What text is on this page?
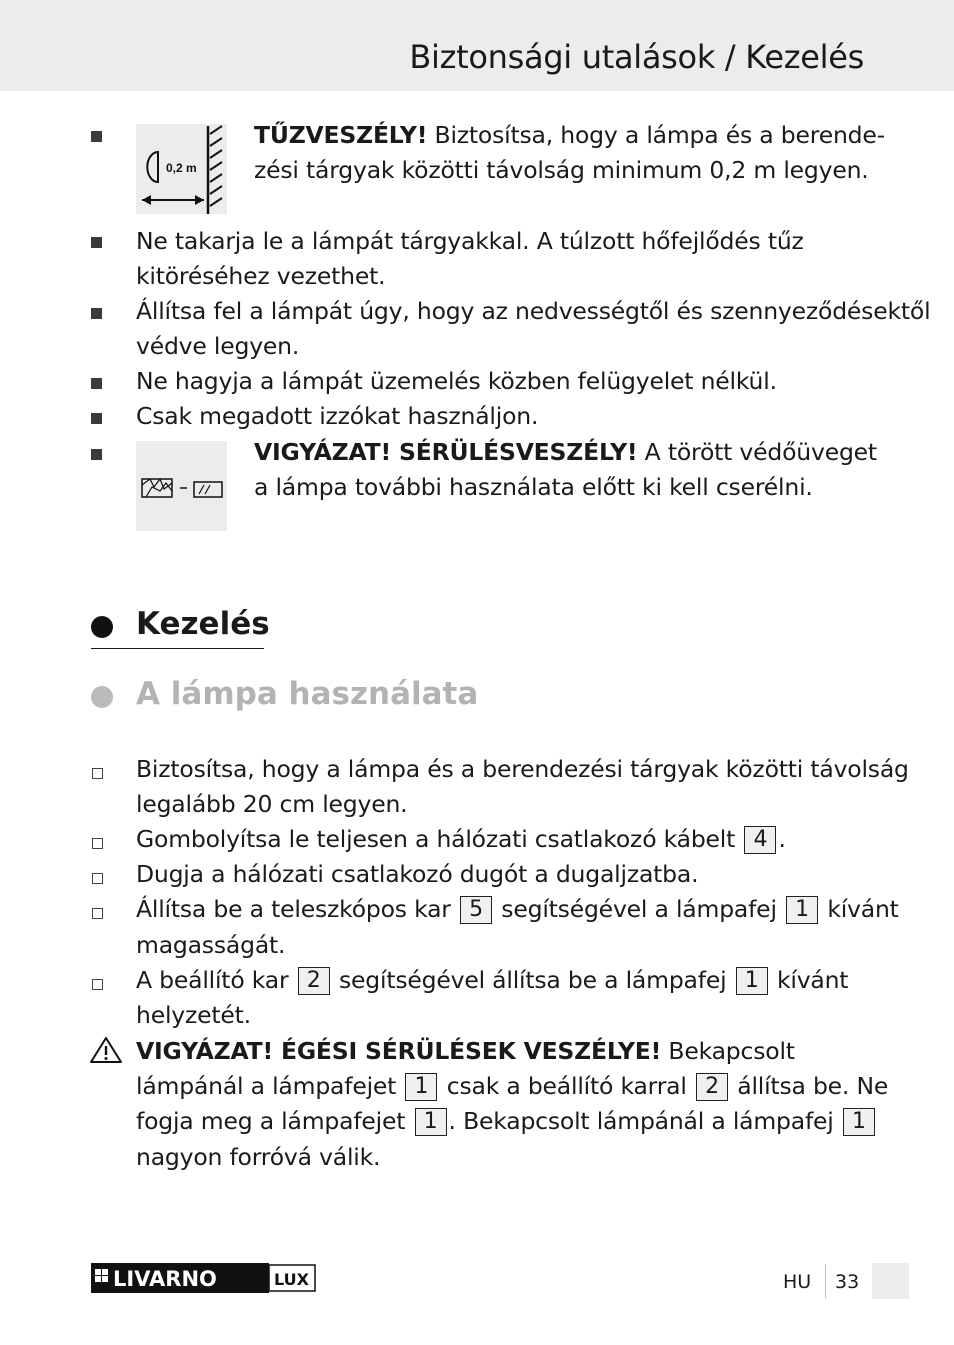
Biztonsági utalások / Kezelés
0,2 m
TŰZVESZÉLY! Biztosítsa, hogy a lámpa és a berende-
zési tárgyak közötti távolság minimum 0,2 m legyen.
Ne takarja le a lámpát tárgyakkal. A túlzott hőfejlődés tűz
kitöréséhez vezethet.
Állítsa fel a lámpát úgy, hogy az nedvességtől és szennyeződésektől
védve legyen.
Ne hagyja a lámpát üzemelés közben felügyelet nélkül.
Csak megadott izzókat használjon.
VIGYÁZAT! SÉRÜLÉSVESZÉLY! A törött védőüveget
a lámpa további használata előtt ki kell cserélni.
Kezelés
A lámpa használata
Biztosítsa, hogy a lámpa és a berendezési tárgyak közötti távolság
legalább 20 cm legyen.
Gombolyítsa le teljesen a hálózati csatlakozó kábelt 4 .
Dugja a hálózati csatlakozó dugót a dugaljzatba.
Állítsa be a teleszkópos kar 5 segítségével a lámpafej 1 kívánt
magasságát.
A beállító kar 2 segítségével állítsa be a lámpafej 1 kívánt
helyzetét.
VIGYÁZAT! ÉGÉSI SÉRÜLÉSEK VESZÉLYE! Bekapcsolt
lámpánál a lámpafejet 1 csak a beállító karral 2 állítsa be. Ne
fogja meg a lámpafejet 1 . Bekapcsolt lámpánál a lámpafej 1
nagyon forróvá válik.
LIVARNO	LUX	HU 33
